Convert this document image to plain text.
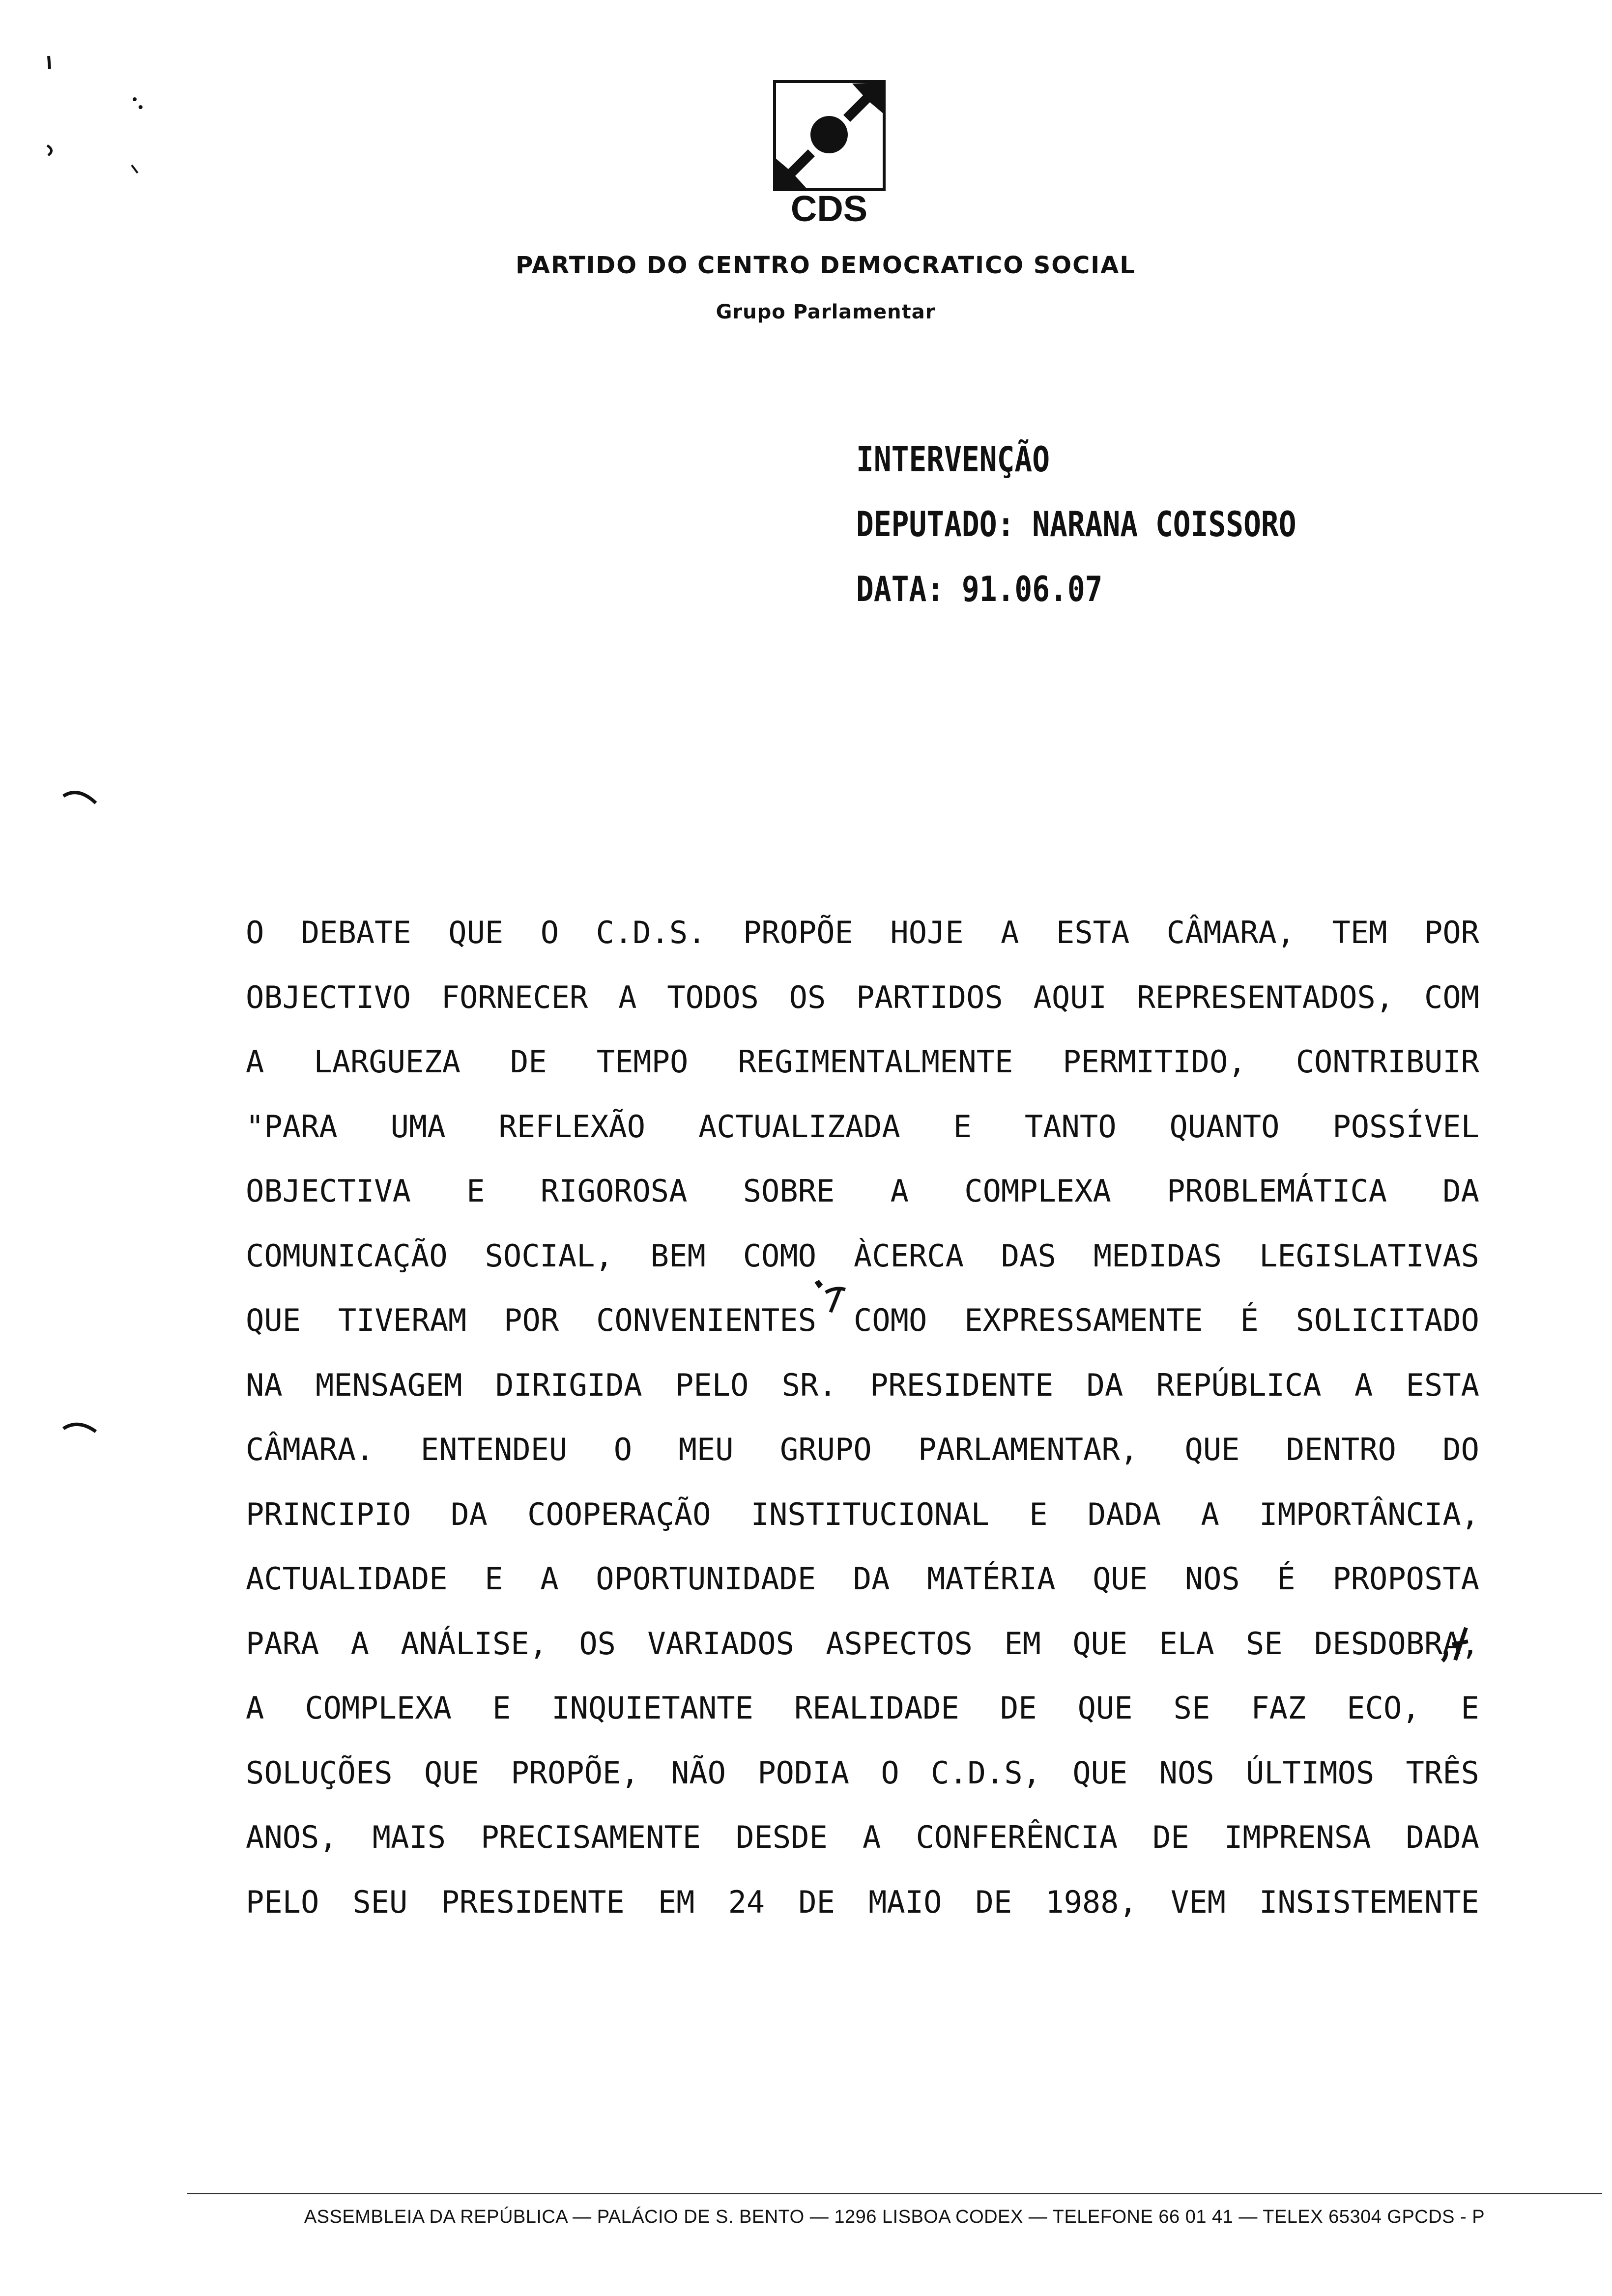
CDS
PARTIDO DO CENTRO DEMOCRATICO SOCIAL
Grupo Parlamentar
INTERVENÇÃO
DEPUTADO: NARANA COISSORO
DATA: 91.06.07
O DEBATE QUE O C.D.S. PROPÕE HOJE A ESTA CÂMARA, TEM POR
OBJECTIVO FORNECER A TODOS OS PARTIDOS AQUI REPRESENTADOS, COM
A LARGUEZA DE TEMPO REGIMENTALMENTE PERMITIDO, CONTRIBUIR
"PARA UMA REFLEXÃO ACTUALIZADA E TANTO QUANTO POSSÍVEL
OBJECTIVA E RIGOROSA SOBRE A COMPLEXA PROBLEMÁTICA DA
COMUNICAÇÃO SOCIAL, BEM COMO ÀCERCA DAS MEDIDAS LEGISLATIVAS
QUE TIVERAM POR CONVENIENTES COMO EXPRESSAMENTE É SOLICITADO
NA MENSAGEM DIRIGIDA PELO SR. PRESIDENTE DA REPÚBLICA A ESTA
CÂMARA. ENTENDEU O MEU GRUPO PARLAMENTAR, QUE DENTRO DO
PRINCIPIO DA COOPERAÇÃO INSTITUCIONAL E DADA A IMPORTÂNCIA,
ACTUALIDADE E A OPORTUNIDADE DA MATÉRIA QUE NOS É PROPOSTA
PARA A ANÁLISE, OS VARIADOS ASPECTOS EM QUE ELA SE DESDOBRA,
A COMPLEXA E INQUIETANTE REALIDADE DE QUE SE FAZ ECO, E
SOLUÇÕES QUE PROPÕE, NÃO PODIA O C.D.S, QUE NOS ÚLTIMOS TRÊS
ANOS, MAIS PRECISAMENTE DESDE A CONFERÊNCIA DE IMPRENSA DADA
PELO SEU PRESIDENTE EM 24 DE MAIO DE 1988, VEM INSISTEMENTE
ASSEMBLEIA DA REPÚBLICA — PALÁCIO DE S. BENTO — 1296 LISBOA CODEX — TELEFONE 66 01 41 — TELEX 65304 GPCDS - P
